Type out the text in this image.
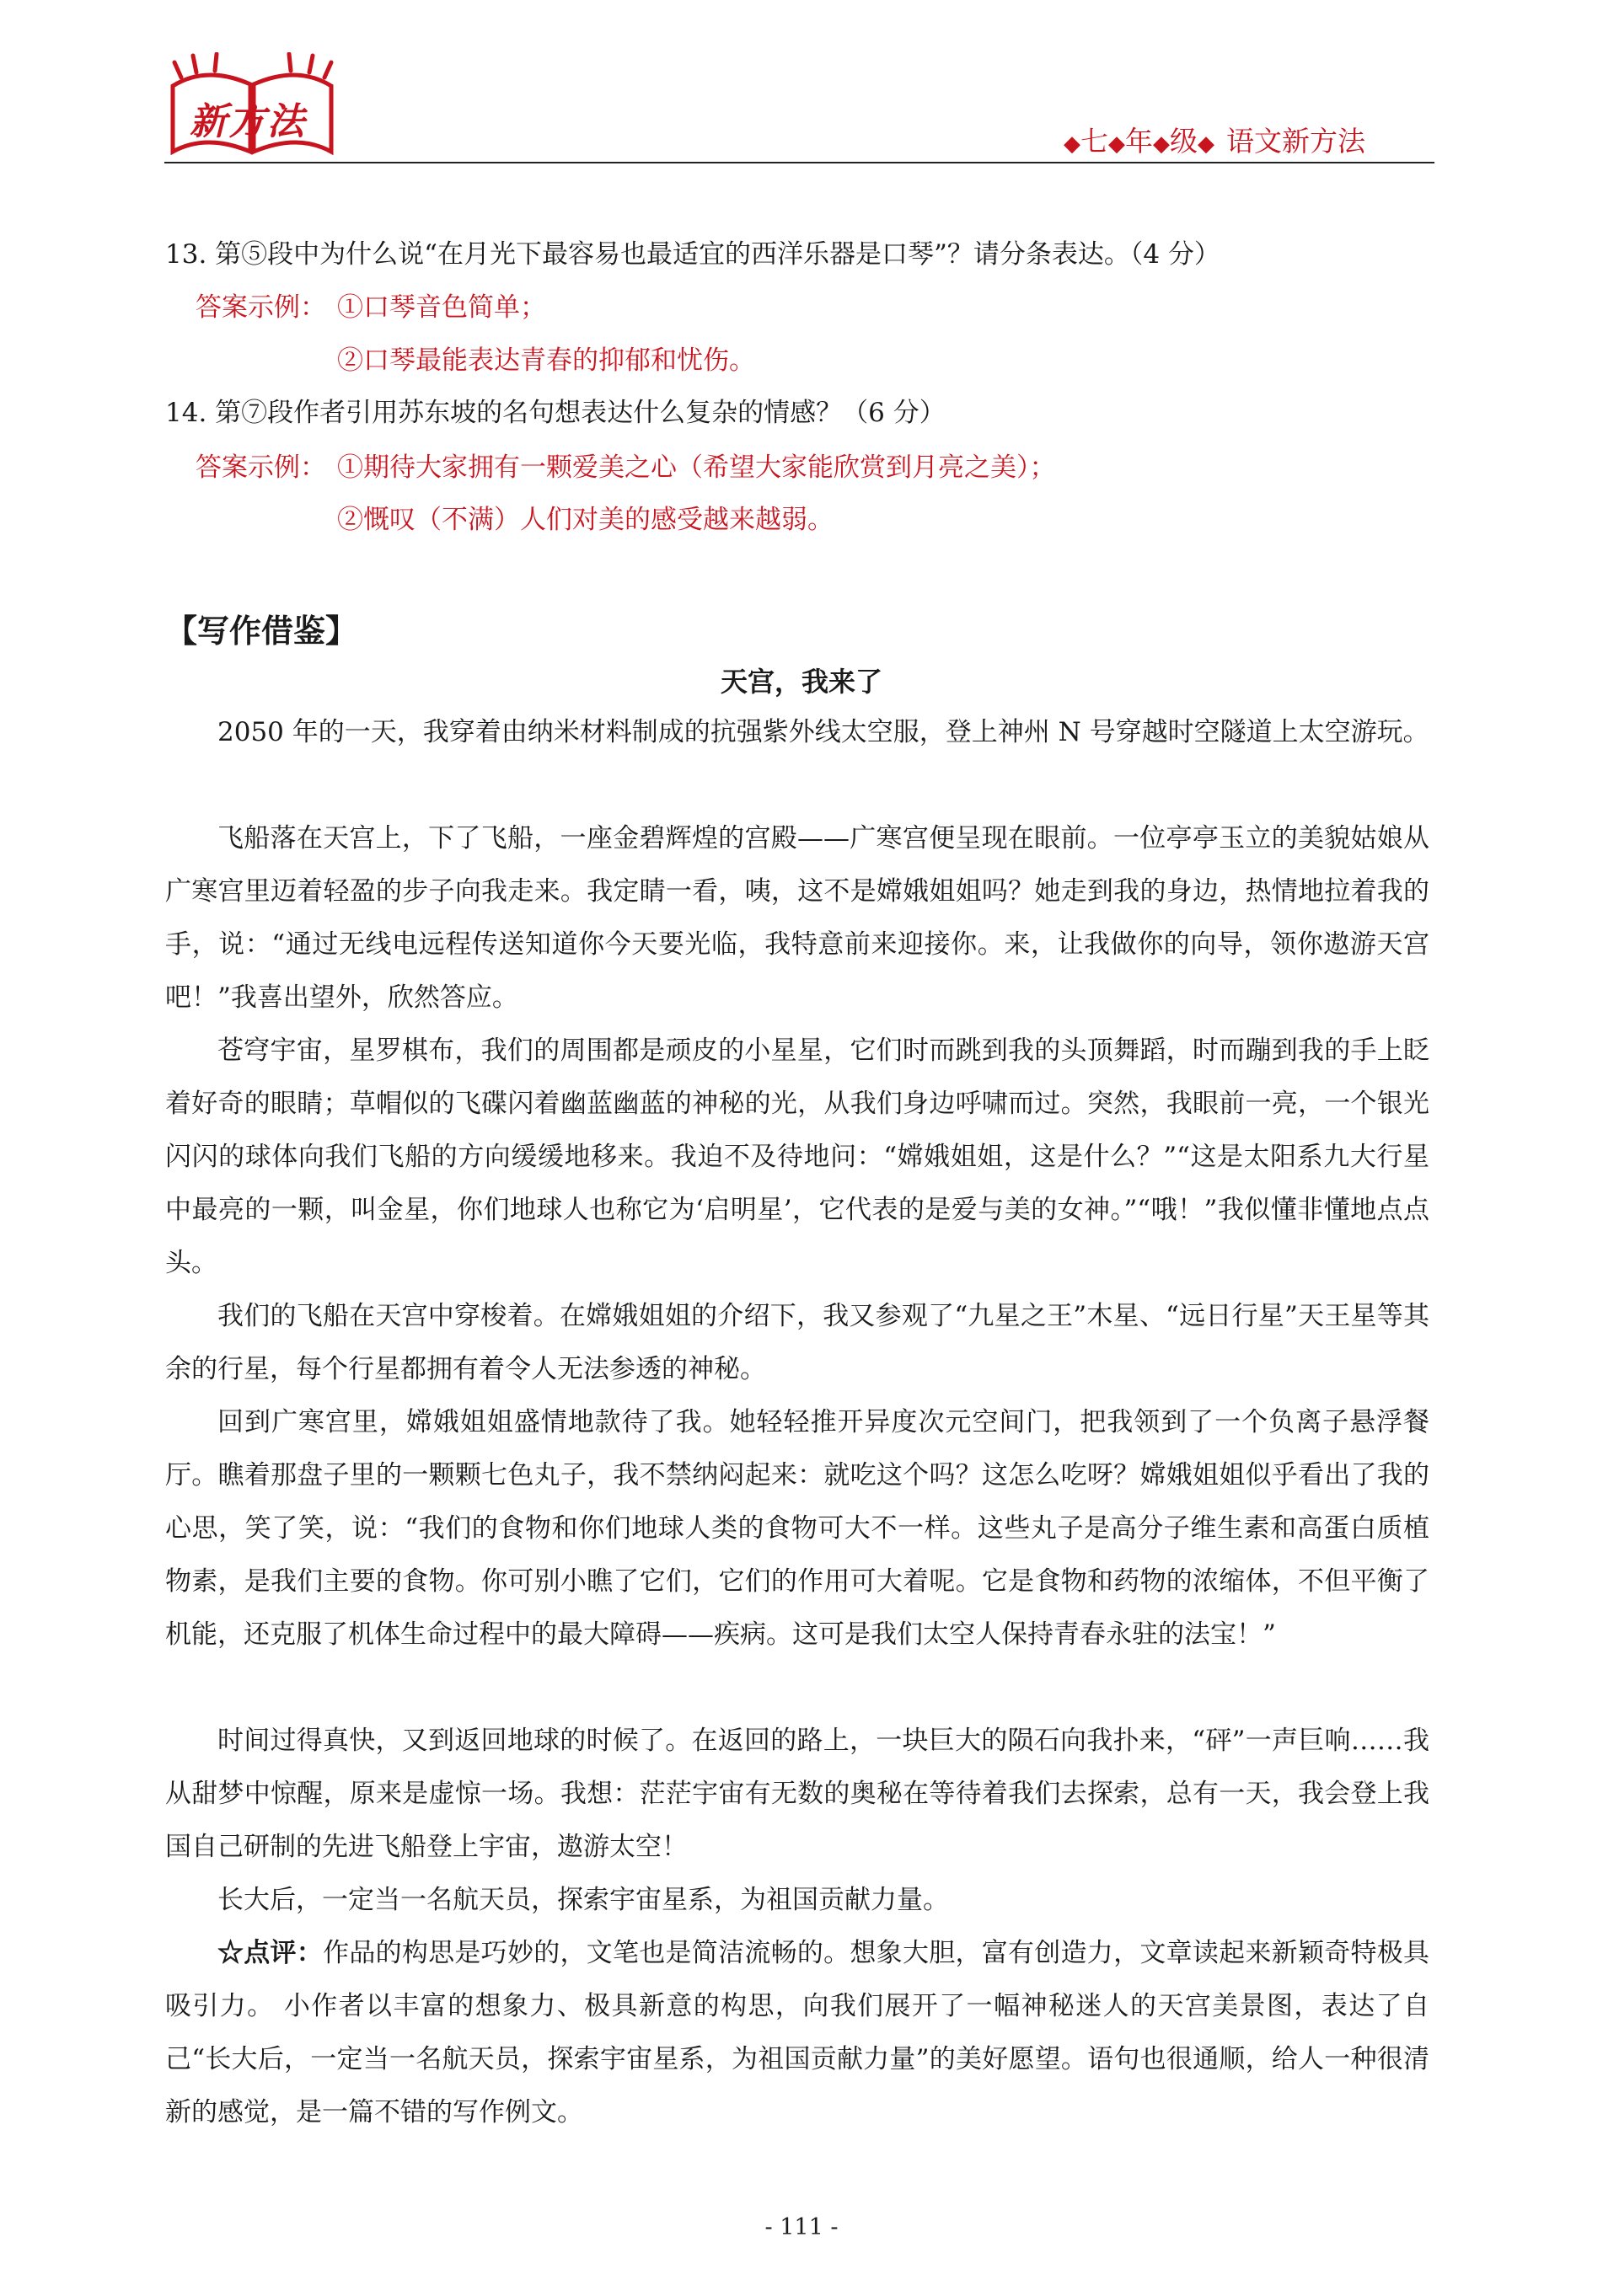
新方法
◆七◆年◆级◆ 语文新方法
13. 第⑤段中为什么说“在月光下最容易也最适宜的西洋乐器是口琴”？请分条表达。（4 分）
答案示例： ①口琴音色简单；
②口琴最能表达青春的抑郁和忧伤。
14. 第⑦段作者引用苏东坡的名句想表达什么复杂的情感？（6 分）
答案示例： ①期待大家拥有一颗爱美之心（希望大家能欣赏到月亮之美）；
②慨叹（不满）人们对美的感受越来越弱。
【写作借鉴】
天宫，我来了
2050 年的一天，我穿着由纳米材料制成的抗强紫外线太空服，登上神州 N 号穿越时空隧道上太空游玩。
飞船落在天宫上，下了飞船，一座金碧辉煌的宫殿——广寒宫便呈现在眼前。一位亭亭玉立的美貌姑娘从广寒宫里迈着轻盈的步子向我走来。我定睛一看，咦，这不是嫦娥姐姐吗？她走到我的身边，热情地拉着我的手，说：“通过无线电远程传送知道你今天要光临，我特意前来迎接你。来，让我做你的向导，领你遨游天宫吧！”我喜出望外，欣然答应。
苍穹宇宙，星罗棋布，我们的周围都是顽皮的小星星，它们时而跳到我的头顶舞蹈，时而蹦到我的手上眨着好奇的眼睛；草帽似的飞碟闪着幽蓝幽蓝的神秘的光，从我们身边呼啸而过。突然，我眼前一亮，一个银光闪闪的球体向我们飞船的方向缓缓地移来。我迫不及待地问：“嫦娥姐姐，这是什么？”“这是太阳系九大行星中最亮的一颗，叫金星，你们地球人也称它为‘启明星’，它代表的是爱与美的女神。”“哦！”我似懂非懂地点点头。
我们的飞船在天宫中穿梭着。在嫦娥姐姐的介绍下，我又参观了“九星之王”木星、“远日行星”天王星等其余的行星，每个行星都拥有着令人无法参透的神秘。
回到广寒宫里，嫦娥姐姐盛情地款待了我。她轻轻推开异度次元空间门，把我领到了一个负离子悬浮餐厅。瞧着那盘子里的一颗颗七色丸子，我不禁纳闷起来：就吃这个吗？这怎么吃呀？嫦娥姐姐似乎看出了我的心思，笑了笑，说：“我们的食物和你们地球人类的食物可大不一样。这些丸子是高分子维生素和高蛋白质植物素，是我们主要的食物。你可别小瞧了它们，它们的作用可大着呢。它是食物和药物的浓缩体，不但平衡了机能，还克服了机体生命过程中的最大障碍——疾病。这可是我们太空人保持青春永驻的法宝！”
时间过得真快，又到返回地球的时候了。在返回的路上，一块巨大的陨石向我扑来，“砰”一声巨响……我从甜梦中惊醒，原来是虚惊一场。我想：茫茫宇宙有无数的奥秘在等待着我们去探索，总有一天，我会登上我国自己研制的先进飞船登上宇宙，遨游太空！
长大后，一定当一名航天员，探索宇宙星系，为祖国贡献力量。
☆点评：作品的构思是巧妙的，文笔也是简洁流畅的。想象大胆，富有创造力，文章读起来新颖奇特极具吸引力。 小作者以丰富的想象力、极具新意的构思，向我们展开了一幅神秘迷人的天宫美景图，表达了自己“长大后，一定当一名航天员，探索宇宙星系，为祖国贡献力量”的美好愿望。语句也很通顺，给人一种很清新的感觉，是一篇不错的写作例文。
- 111 -
